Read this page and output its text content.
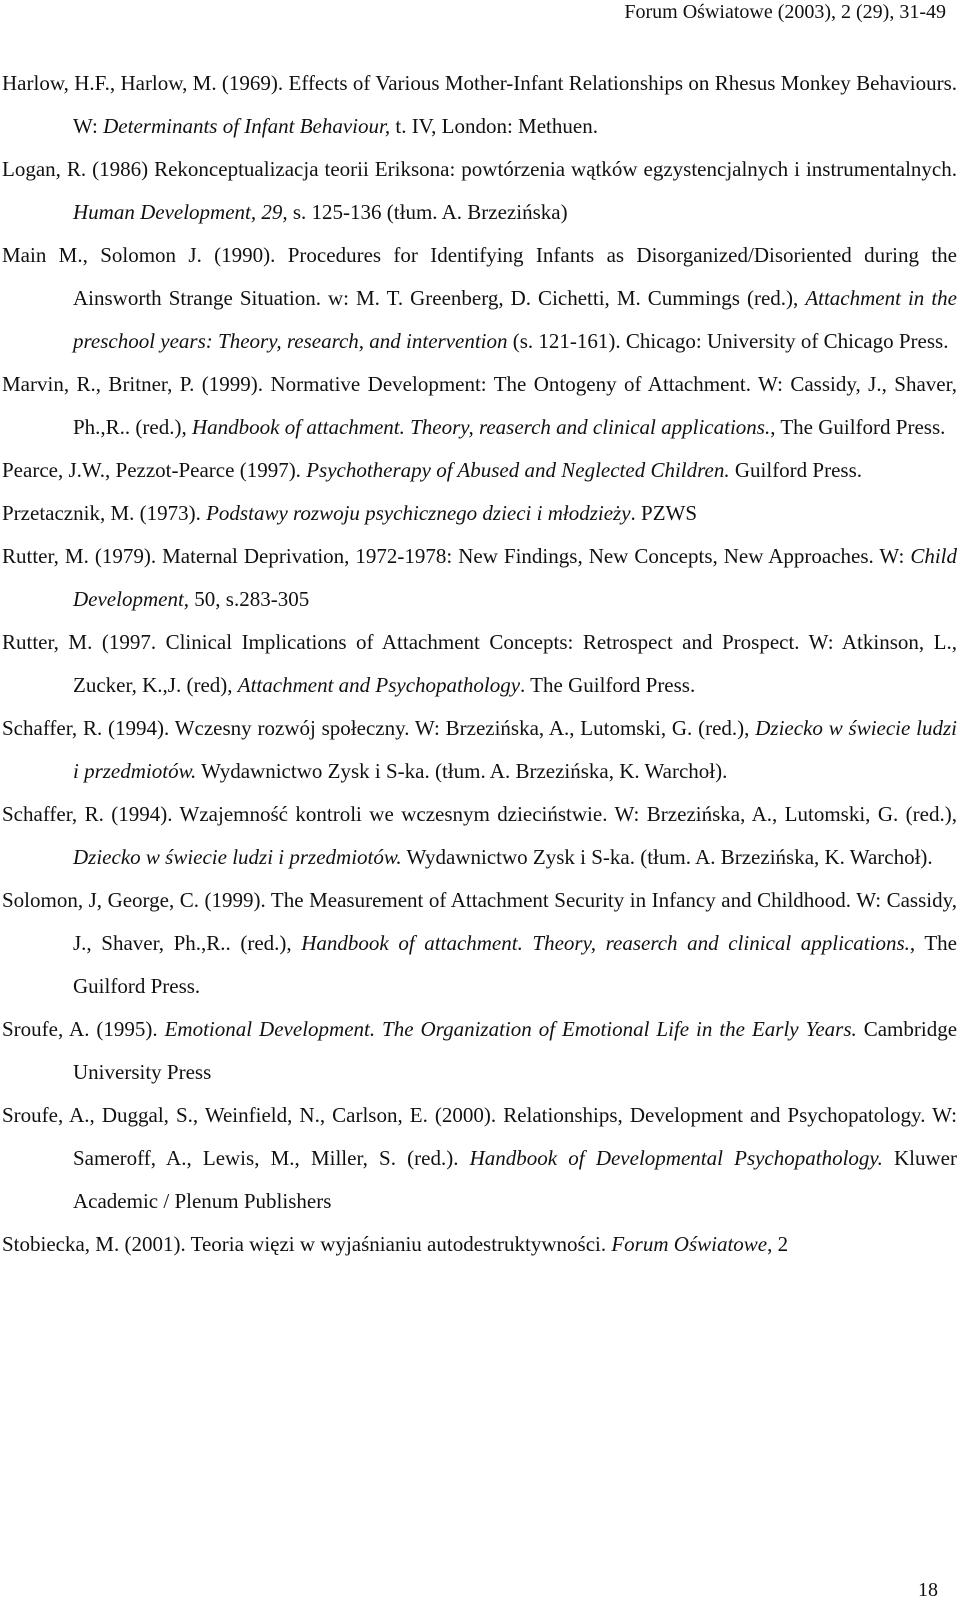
Forum Oświatowe (2003), 2 (29), 31-49

Harlow, H.F., Harlow, M. (1969). Effects of Various Mother-Infant Relationships on Rhesus Monkey Behaviours. W: Determinants of Infant Behaviour, t. IV, London: Methuen.

Logan, R. (1986) Rekonceptualizacja teorii Eriksona: powtórzenia wątków egzystencjalnych i instrumentalnych. Human Development, 29, s. 125-136 (tłum. A. Brzezińska)

Main M., Solomon J. (1990). Procedures for Identifying Infants as Disorganized/Disoriented during the Ainsworth Strange Situation. w: M. T. Greenberg, D. Cichetti, M. Cummings (red.), Attachment in the preschool years: Theory, research, and intervention (s. 121-161). Chicago: University of Chicago Press.

Marvin, R., Britner, P. (1999). Normative Development: The Ontogeny of Attachment. W: Cassidy, J., Shaver, Ph.,R.. (red.), Handbook of attachment. Theory, reaserch and clinical applications., The Guilford Press.

Pearce, J.W., Pezzot-Pearce (1997). Psychotherapy of Abused and Neglected Children. Guilford Press.

Przetacznik, M. (1973). Podstawy rozwoju psychicznego dzieci i młodzieży. PZWS

Rutter, M. (1979). Maternal Deprivation, 1972-1978: New Findings, New Concepts, New Approaches. W: Child Development, 50, s.283-305

Rutter, M. (1997. Clinical Implications of Attachment Concepts: Retrospect and Prospect. W: Atkinson, L., Zucker, K.,J. (red), Attachment and Psychopathology. The Guilford Press.

Schaffer, R. (1994). Wczesny rozwój społeczny. W: Brzezińska, A., Lutomski, G. (red.), Dziecko w świecie ludzi i przedmiotów. Wydawnictwo Zysk i S-ka. (tłum. A. Brzezińska, K. Warchoł).

Schaffer, R. (1994). Wzajemność kontroli we wczesnym dzieciństwie. W: Brzezińska, A., Lutomski, G. (red.), Dziecko w świecie ludzi i przedmiotów. Wydawnictwo Zysk i S-ka. (tłum. A. Brzezińska, K. Warchoł).

Solomon, J, George, C. (1999). The Measurement of Attachment Security in Infancy and Childhood. W: Cassidy, J., Shaver, Ph.,R.. (red.), Handbook of attachment. Theory, reaserch and clinical applications., The Guilford Press.

Sroufe, A. (1995). Emotional Development. The Organization of Emotional Life in the Early Years. Cambridge University Press

Sroufe, A., Duggal, S., Weinfield, N., Carlson, E. (2000). Relationships, Development and Psychopatology. W: Sameroff, A., Lewis, M., Miller, S. (red.). Handbook of Developmental Psychopathology. Kluwer Academic / Plenum Publishers

Stobiecka, M. (2001). Teoria więzi w wyjaśnianiu autodestruktywności. Forum Oświatowe, 2

18
